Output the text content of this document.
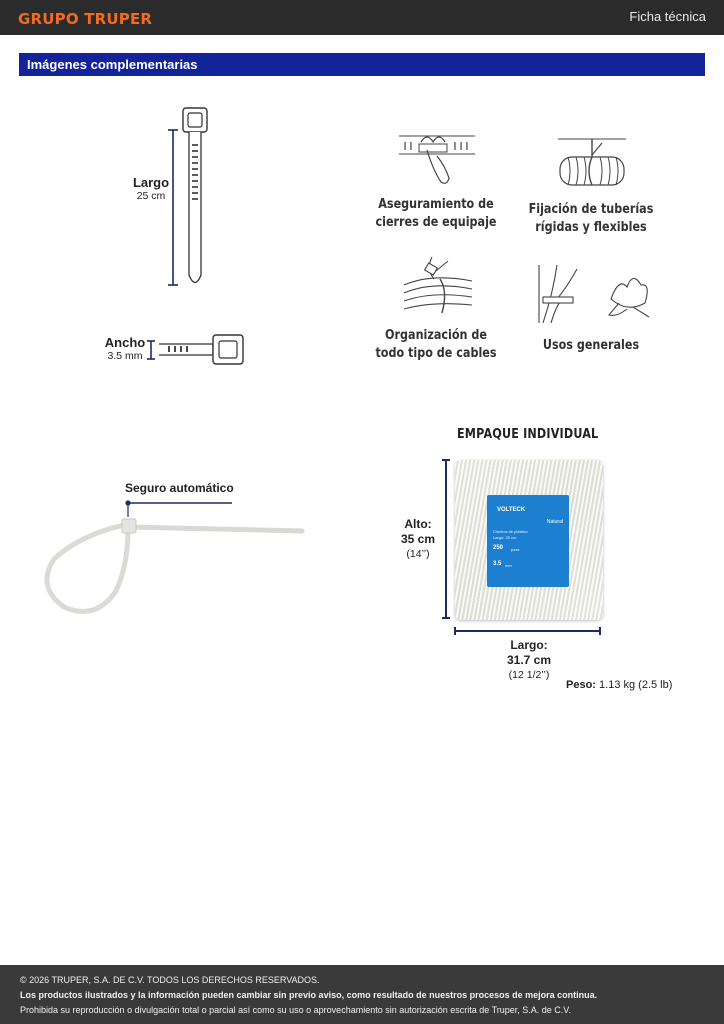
GRUPO TRUPER	Ficha técnica
Imágenes complementarias
Largo
25 cm
Ancho
3.5 mm
Aseguramiento de
cierres de equipaje
Fijación de tuberías
rígidas y flexibles
Organización de
todo tipo de cables
Usos generales
Seguro automático
EMPAQUE INDIVIDUAL
Alto:
35 cm
(14’’)
VOLTECK
Natural
Cinchos de plástico
Largo: 25 cm
250 pzas
3.5 mm
Largo:
31.7 cm
(12 1/2’’)
Peso: 1.13 kg (2.5 lb)

© 2026 TRUPER, S.A. DE C.V. TODOS LOS DERECHOS RESERVADOS.

Los productos ilustrados y la información pueden cambiar sin previo aviso, como resultado de nuestros procesos de mejora continua.

Prohibida su reproducción o divulgación total o parcial así como su uso o aprovechamiento sin autorización escrita de Truper, S.A. de C.V.
